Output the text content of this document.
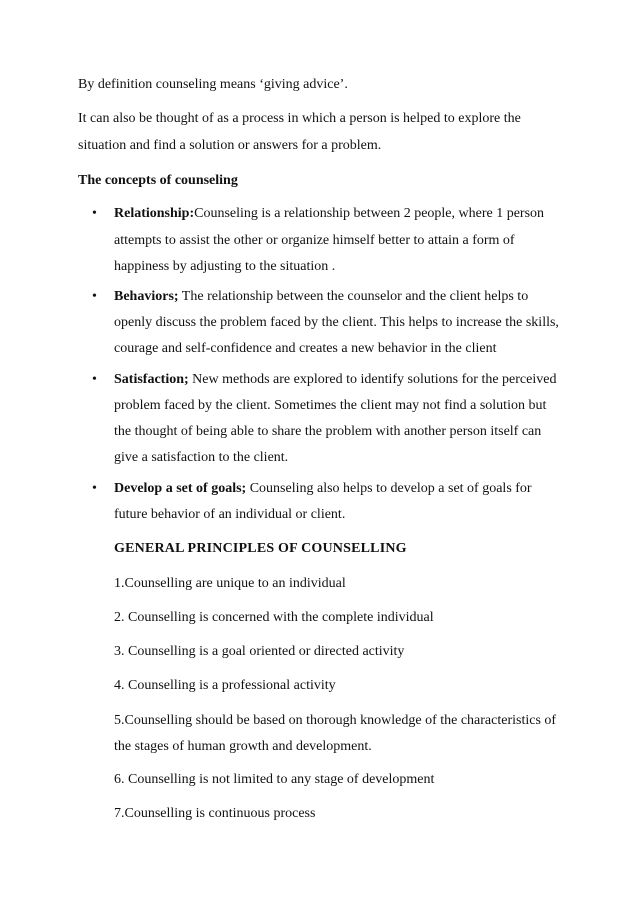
By definition counseling means ‘giving advice’.
It can also be thought of as a process in which a person is helped to explore the
situation and find a solution or answers for a problem.
The concepts of counseling
• Relationship:Counseling is a relationship between 2 people, where 1 person
attempts to assist the other or organize himself better to attain a form of
happiness by adjusting to the situation .
• Behaviors; The relationship between the counselor and the client helps to
openly discuss the problem faced by the client. This helps to increase the skills,
courage and self-confidence and creates a new behavior in the client
• Satisfaction; New methods are explored to identify solutions for the perceived
problem faced by the client. Sometimes the client may not find a solution but
the thought of being able to share the problem with another person itself can
give a satisfaction to the client.
• Develop a set of goals; Counseling also helps to develop a set of goals for
future behavior of an individual or client.
GENERAL PRINCIPLES OF COUNSELLING
1.Counselling are unique to an individual
2. Counselling is concerned with the complete individual
3. Counselling is a goal oriented or directed activity
4. Counselling is a professional activity
5.Counselling should be based on thorough knowledge of the characteristics of
the stages of human growth and development.
6. Counselling is not limited to any stage of development
7.Counselling is continuous process
